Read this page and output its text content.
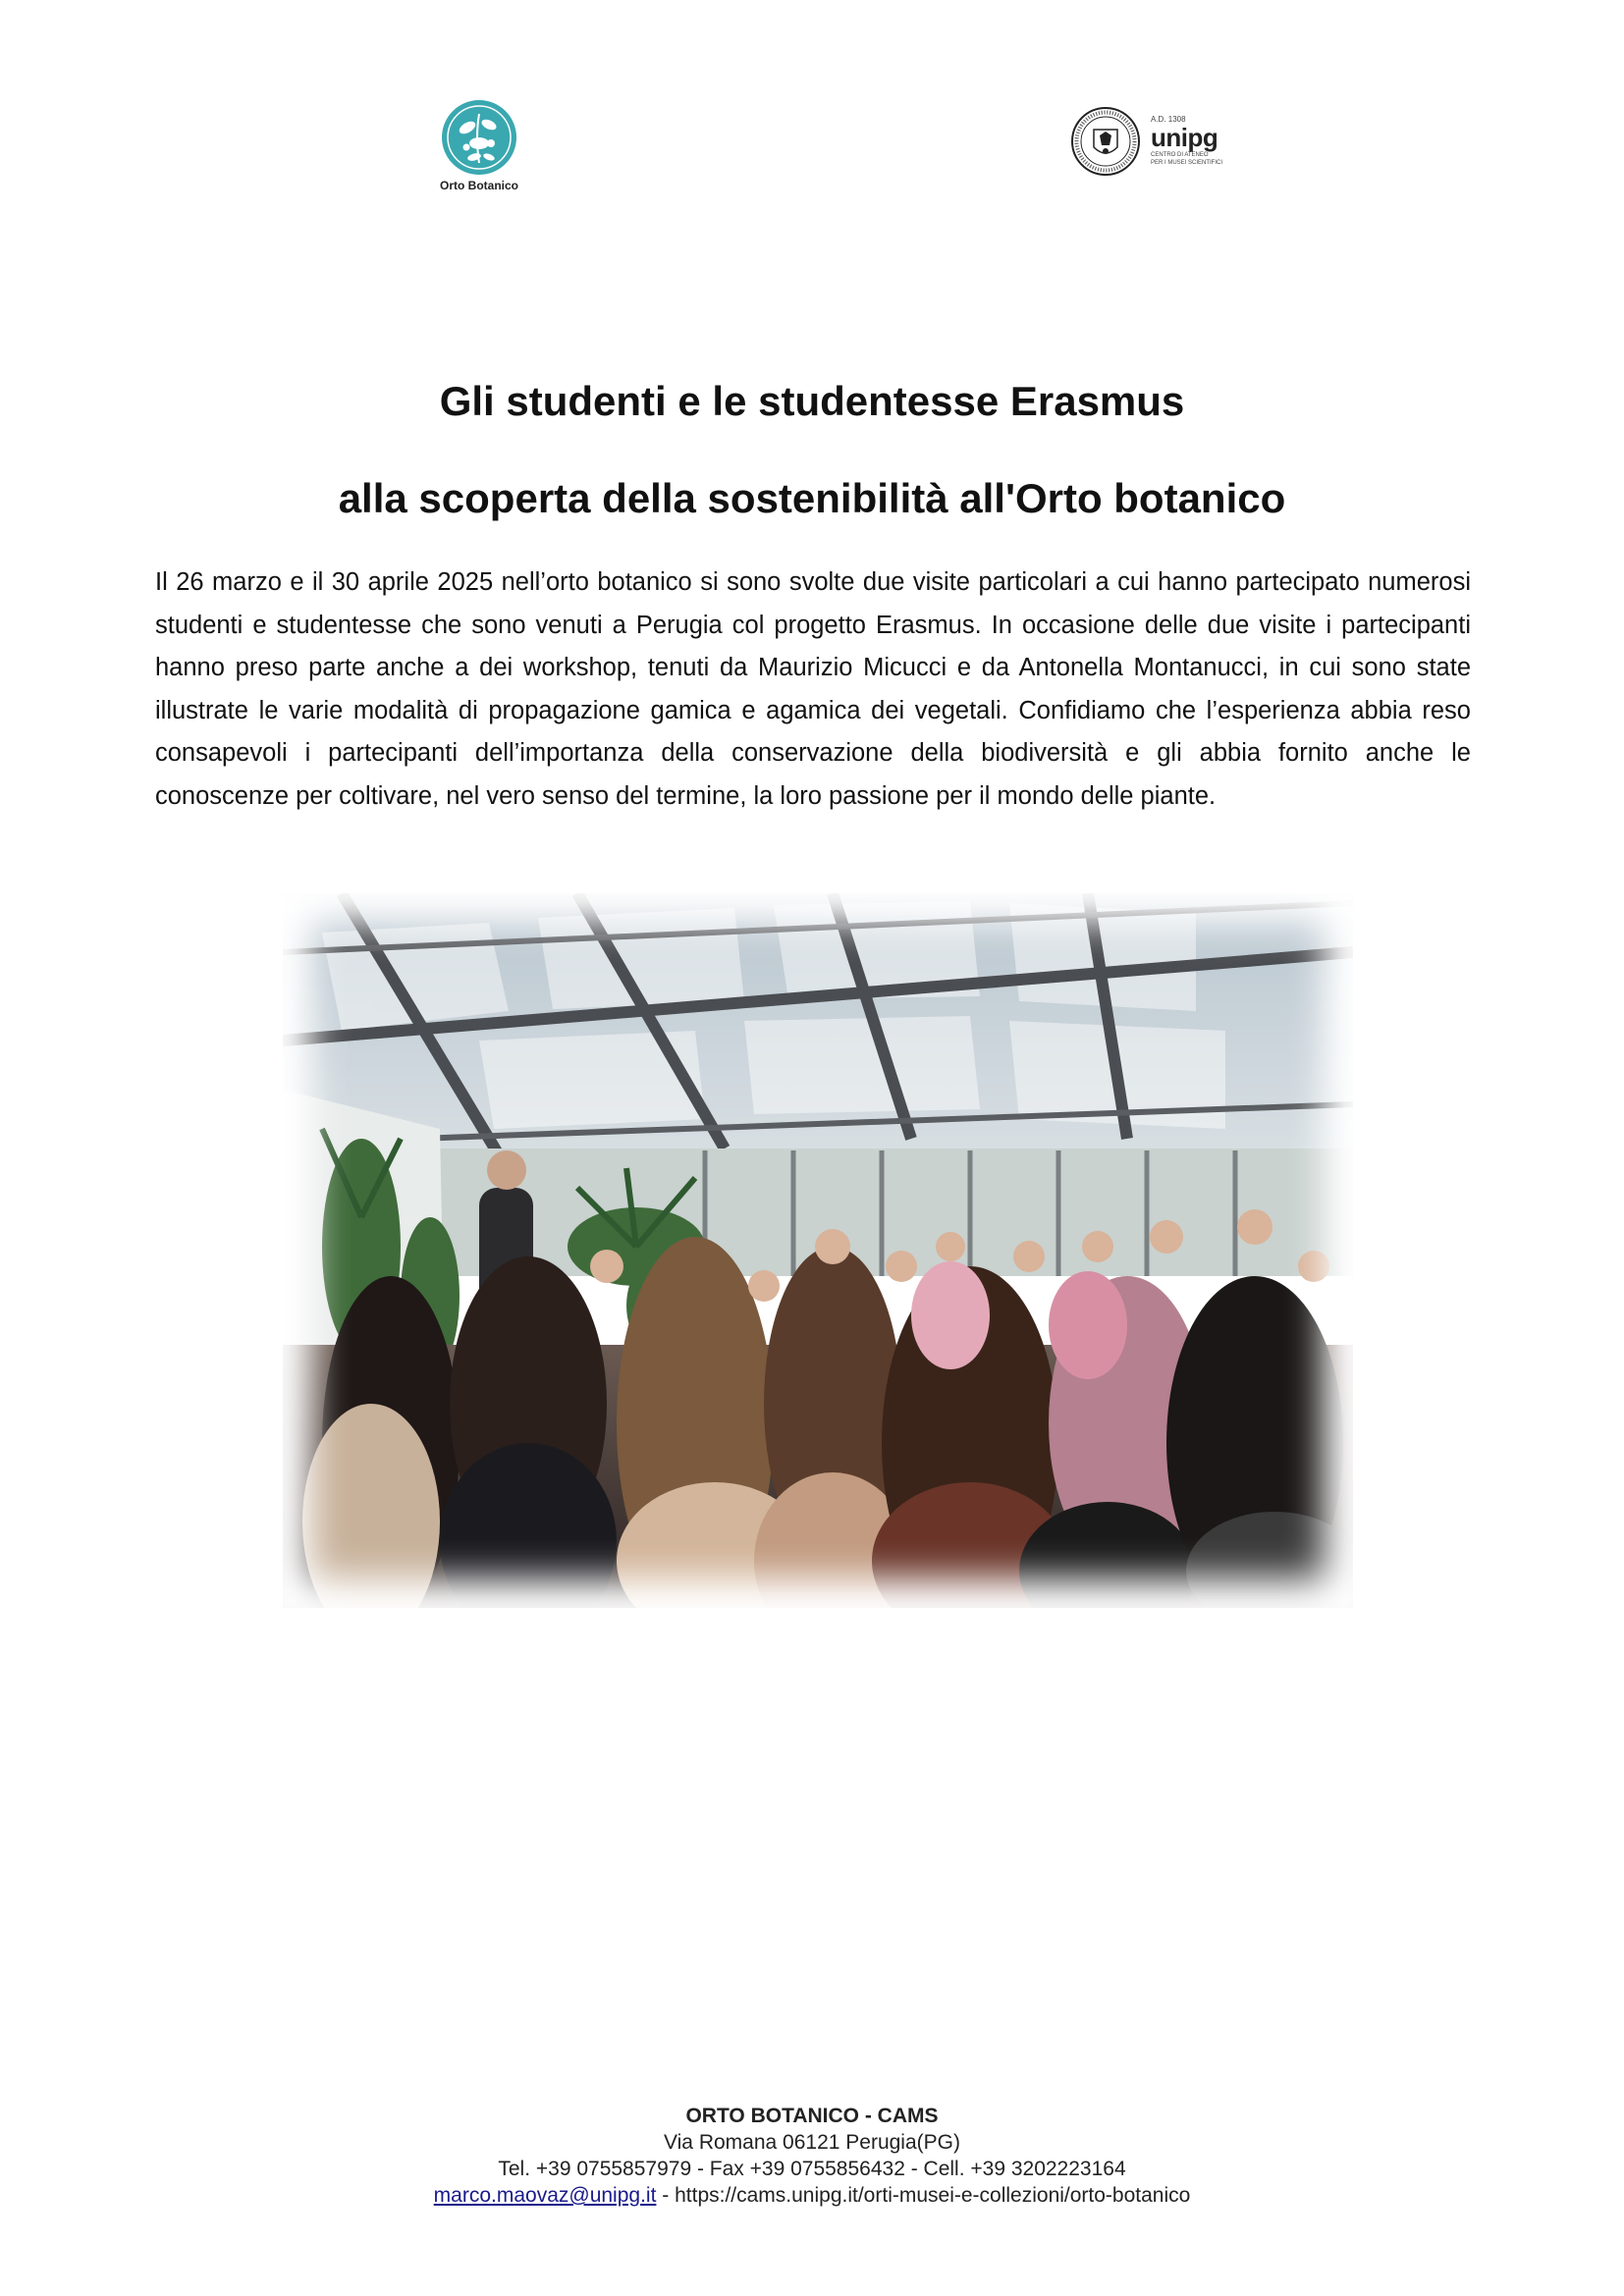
Orto Botanico
A.D. 1308
unipg
CENTRO DI ATENEO
PER I MUSEI SCIENTIFICI
Gli studenti e le studentesse Erasmus
alla scoperta della sostenibilità all'Orto botanico

Il 26 marzo e il 30 aprile 2025 nell’orto botanico si sono svolte due visite particolari a cui hanno partecipato numerosi studenti e studentesse che sono venuti a Perugia col progetto Erasmus. In occasione delle due visite i partecipanti hanno preso parte anche a dei workshop, tenuti da Maurizio Micucci e da Antonella Montanucci, in cui sono state illustrate le varie modalità di propagazione gamica e agamica dei vegetali. Confidiamo che l’esperienza abbia reso consapevoli i partecipanti dell’importanza della conservazione della biodiversità e gli abbia fornito anche le conoscenze per coltivare, nel vero senso del termine, la loro passione per il mondo delle piante.

ORTO BOTANICO - CAMS
Via Romana 06121 Perugia(PG)
Tel. +39 0755857979 - Fax +39 0755856432 - Cell. +39 3202223164
marco.maovaz@unipg.it - https://cams.unipg.it/orti-musei-e-collezioni/orto-botanico
